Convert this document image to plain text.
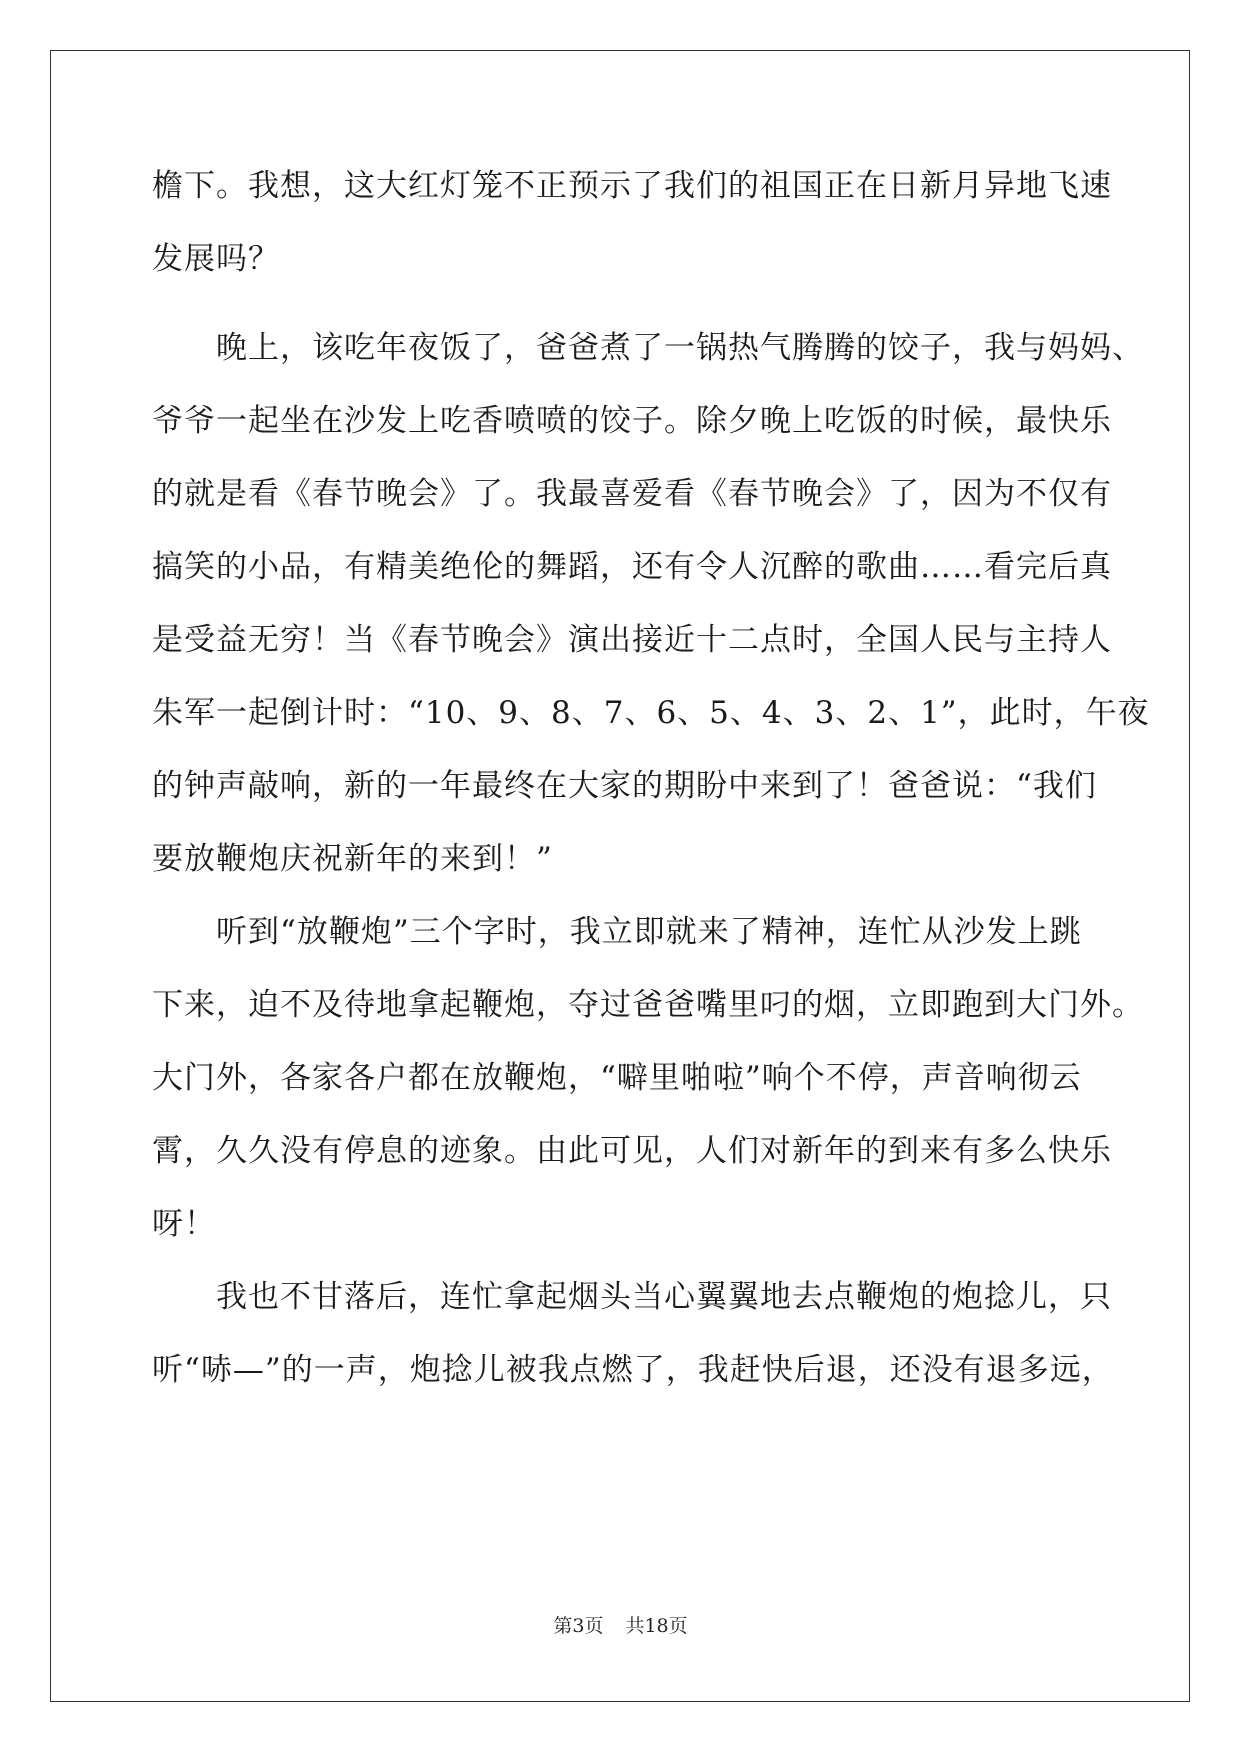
檐下。我想，这大红灯笼不正预示了我们的祖国正在日新月异地飞速
发展吗？
晚上，该吃年夜饭了，爸爸煮了一锅热气腾腾的饺子，我与妈妈、
爷爷一起坐在沙发上吃香喷喷的饺子。除夕晚上吃饭的时候，最快乐
的就是看《春节晚会》了。我最喜爱看《春节晚会》了，因为不仅有
搞笑的小品，有精美绝伦的舞蹈，还有令人沉醉的歌曲……看完后真
是受益无穷！当《春节晚会》演出接近十二点时，全国人民与主持人
朱军一起倒计时：“10、9、8、7、6、5、4、3、2、1”，此时，午夜
的钟声敲响，新的一年最终在大家的期盼中来到了！爸爸说：“我们
要放鞭炮庆祝新年的来到！”
听到“放鞭炮”三个字时，我立即就来了精神，连忙从沙发上跳
下来，迫不及待地拿起鞭炮，夺过爸爸嘴里叼的烟，立即跑到大门外。
大门外，各家各户都在放鞭炮，“噼里啪啦”响个不停，声音响彻云
霄，久久没有停息的迹象。由此可见，人们对新年的到来有多么快乐
呀！
我也不甘落后，连忙拿起烟头当心翼翼地去点鞭炮的炮捻儿，只
听“哧—”的一声，炮捻儿被我点燃了，我赶快后退，还没有退多远，
第3页 共18页
